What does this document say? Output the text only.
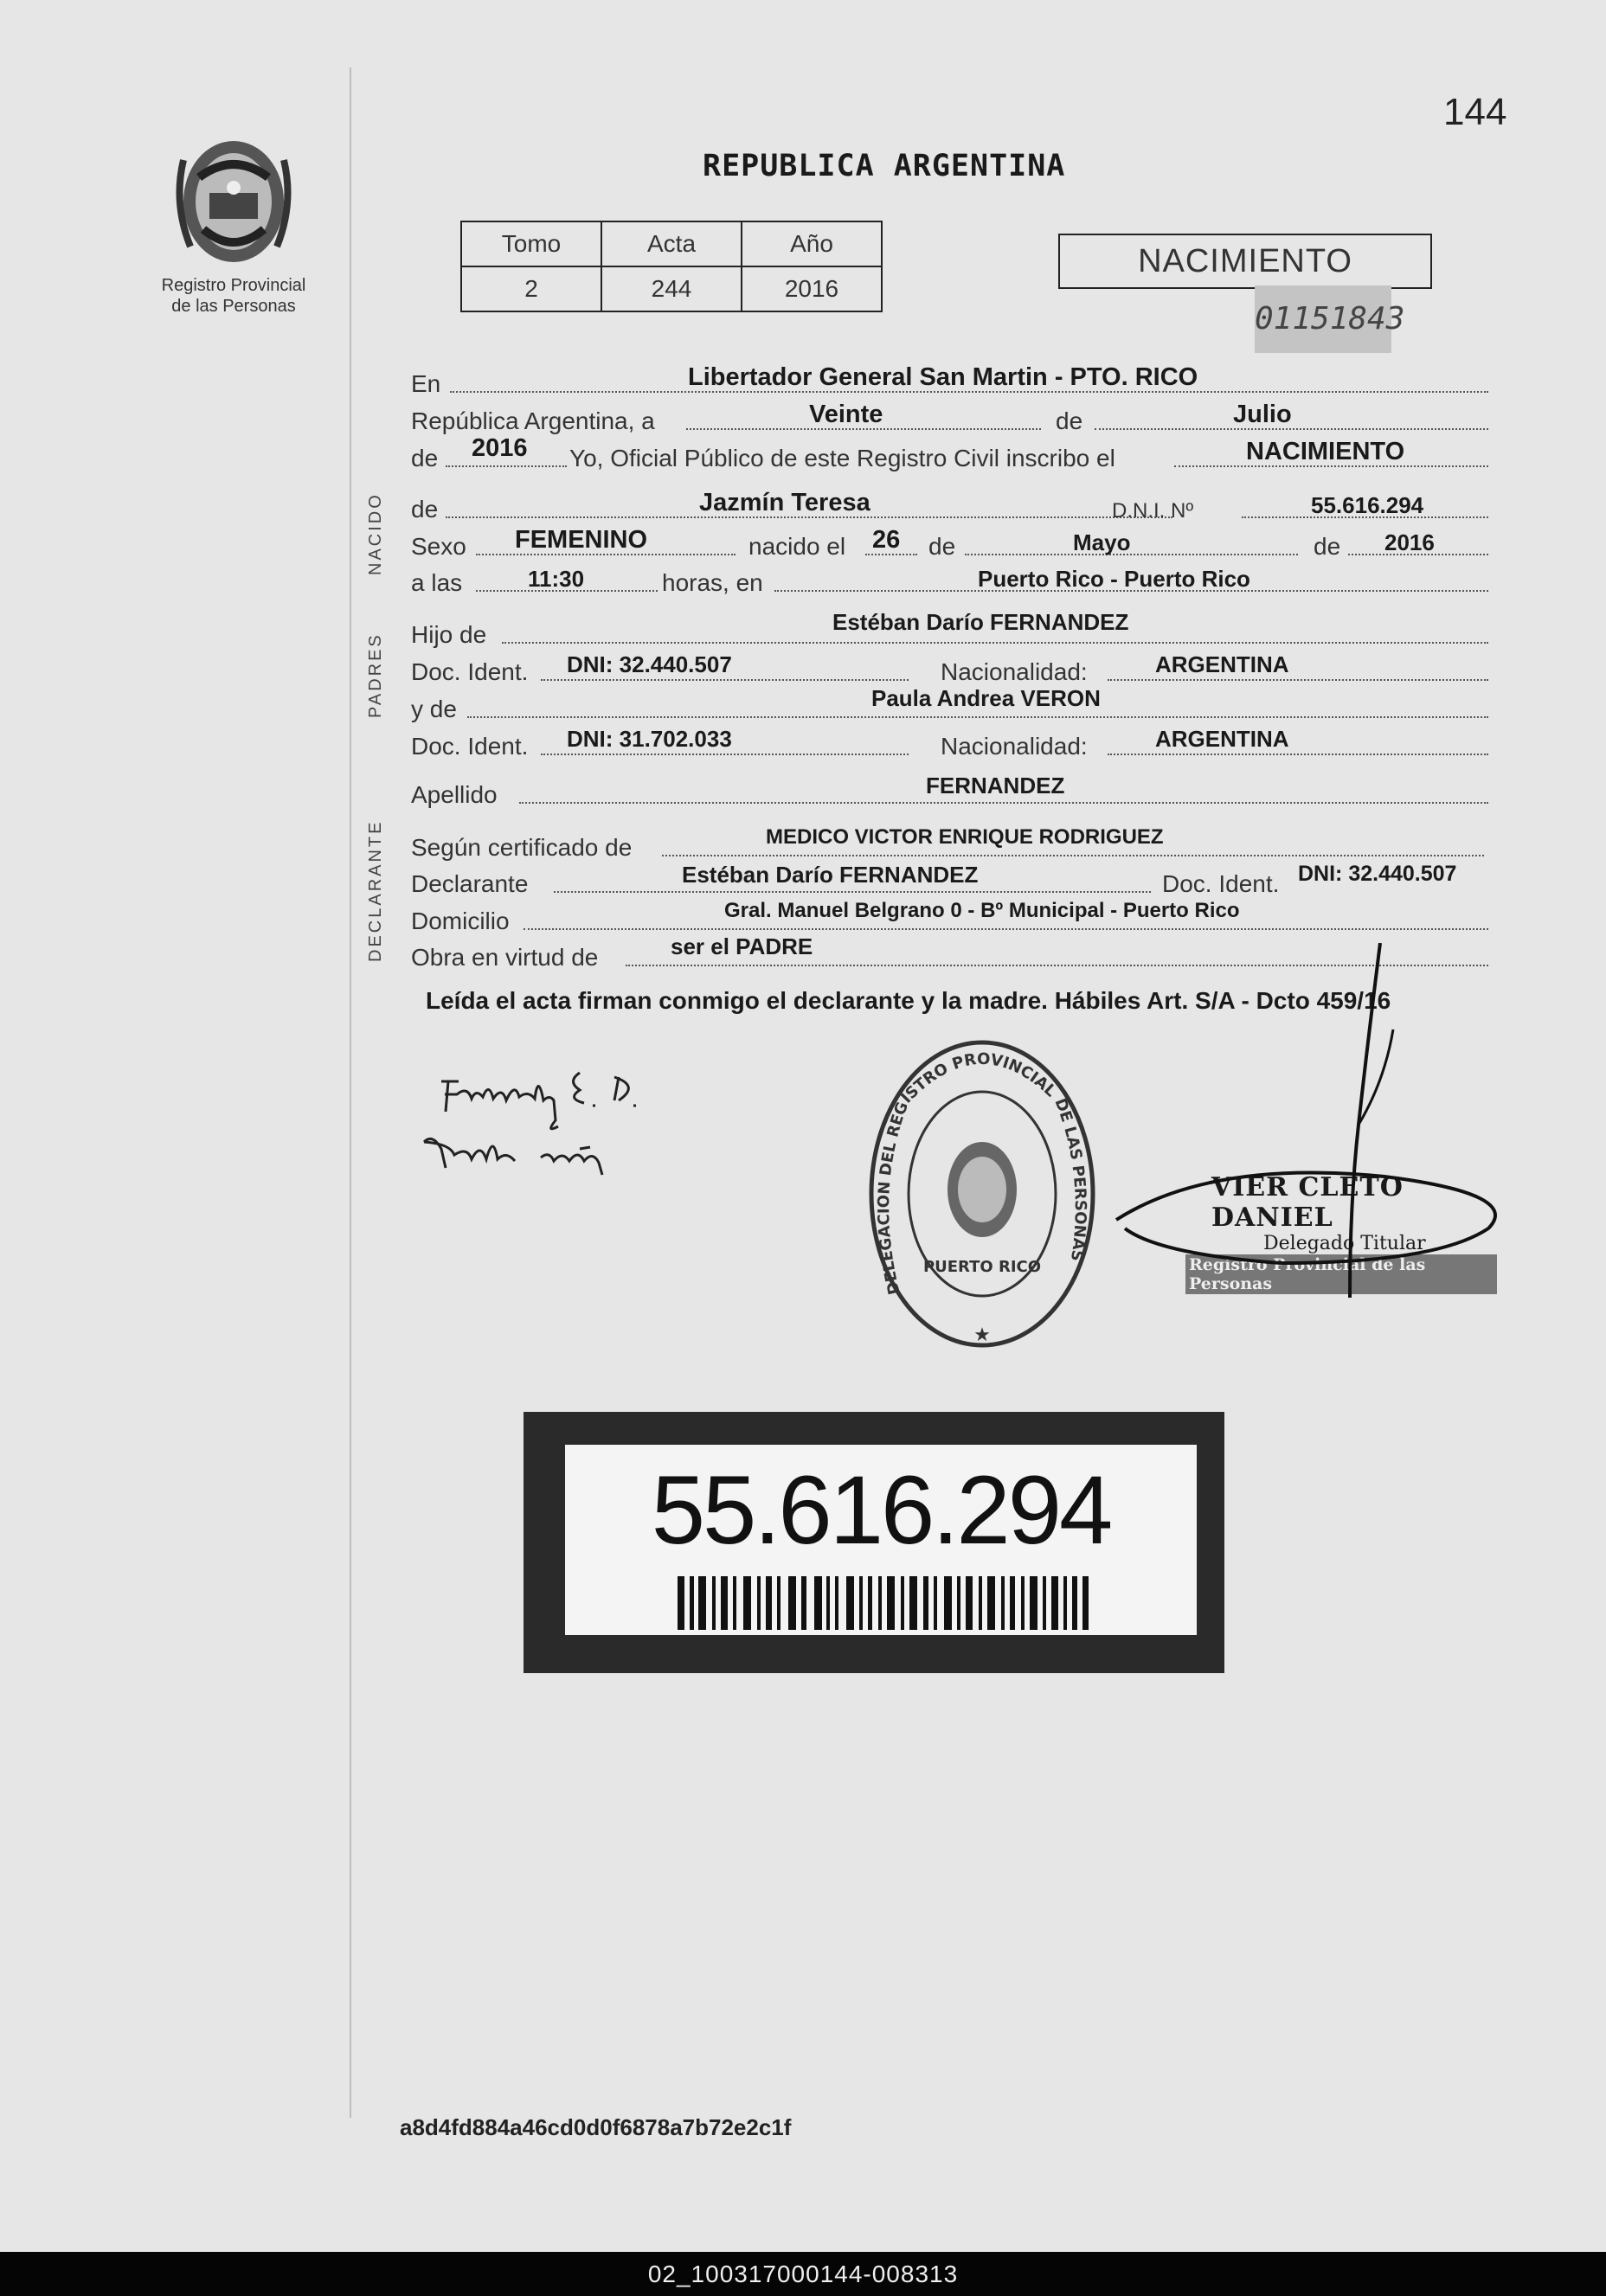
Registro Provincial
de las Personas
144
REPUBLICA ARGENTINA
Tomo	Acta	Año
2	244	2016
NACIMIENTO
01151843
NACIDO
PADRES
DECLARANTE
En	Libertador General San Martin - PTO. RICO
República Argentina, a	Veinte	de	Julio
de 2016 Yo, Oficial Público de este Registro Civil inscribo el	NACIMIENTO
de	Jazmín Teresa	D.N.I. Nº	55.616.294
Sexo FEMENINO	nacido el 26 de	Mayo	de 2016
a las	11:30	horas, en	Puerto Rico - Puerto Rico
Hijo de	Estéban Darío FERNANDEZ
Doc. Ident. DNI: 32.440.507	Nacionalidad:	ARGENTINA
y de	Paula Andrea VERON
Doc. Ident. DNI: 31.702.033	Nacionalidad:	ARGENTINA
Apellido	FERNANDEZ
Según certificado de	MEDICO VICTOR ENRIQUE RODRIGUEZ
Declarante	Estéban Darío FERNANDEZ	Doc. Ident. DNI: 32.440.507
Domicilio	Gral. Manuel Belgrano 0 - Bº Municipal - Puerto Rico
Obra en virtud de	ser el PADRE
Leída el acta firman conmigo el declarante y la madre. Hábiles Art. S/A - Dcto 459/16
★
DELEGACION DEL REGISTRO PROVINCIAL DE LAS PERSONAS
PUERTO RICO
VIER CLETO DANIEL
Delegado Titular
Registro Provincial de las Personas
55.616.294
a8d4fd884a46cd0d0f6878a7b72e2c1f
02_100317000144-008313
